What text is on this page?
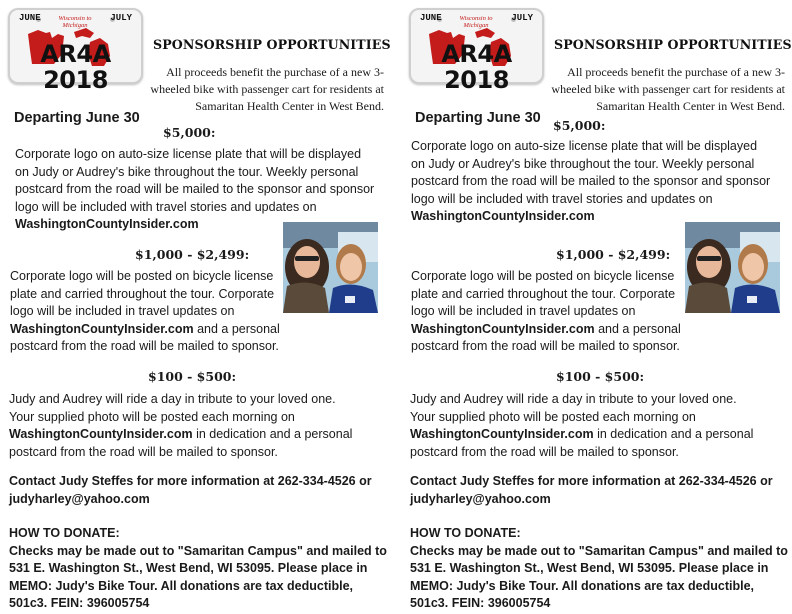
JUNE	JULY
Wisconsin to Michigan
AR4A 2018
SPONSORSHIP OPPORTUNITIES
All proceeds benefit the purchase of a new 3-wheeled bike with passenger cart for residents at Samaritan Health Center in West Bend.
Departing June 30
$5,000:
Corporate logo on auto-size license plate that will be displayed on Judy or Audrey's bike throughout the tour. Weekly personal postcard from the road will be mailed to the sponsor and sponsor logo will be included with travel stories and updates on WashingtonCountyInsider.com
$1,000 - $2,499:
Corporate logo will be posted on bicycle license plate and carried throughout the tour. Corporate logo will be included in travel updates on WashingtonCountyInsider.com and a personal postcard from the road will be mailed to sponsor.
$100 - $500:
Judy and Audrey will ride a day in tribute to your loved one. Your supplied photo will be posted each morning on WashingtonCountyInsider.com in dedication and a personal postcard from the road will be mailed to sponsor.
Contact Judy Steffes for more information at 262-334-4526 or judyharley@yahoo.com
HOW TO DONATE:
Checks may be made out to "Samaritan Campus" and mailed to 531 E. Washington St., West Bend, WI 53095. Please place in MEMO: Judy's Bike Tour. All donations are tax deductible, 501c3. FEIN: 396005754
JUNE	JULY
Wisconsin to Michigan
AR4A 2018
SPONSORSHIP OPPORTUNITIES
All proceeds benefit the purchase of a new 3-wheeled bike with passenger cart for residents at Samaritan Health Center in West Bend.
Departing June 30 $5,000:
Corporate logo on auto-size license plate that will be displayed on Judy or Audrey's bike throughout the tour. Weekly personal postcard from the road will be mailed to the sponsor and sponsor logo will be included with travel stories and updates on WashingtonCountyInsider.com
$1,000 - $2,499:
Corporate logo will be posted on bicycle license plate and carried throughout the tour. Corporate logo will be included in travel updates on WashingtonCountyInsider.com and a personal postcard from the road will be mailed to sponsor.
$100 - $500:
Judy and Audrey will ride a day in tribute to your loved one. Your supplied photo will be posted each morning on WashingtonCountyInsider.com in dedication and a personal postcard from the road will be mailed to sponsor.
Contact Judy Steffes for more information at 262-334-4526 or judyharley@yahoo.com
HOW TO DONATE:
Checks may be made out to "Samaritan Campus" and mailed to 531 E. Washington St., West Bend, WI 53095. Please place in MEMO: Judy's Bike Tour. All donations are tax deductible, 501c3. FEIN: 396005754
